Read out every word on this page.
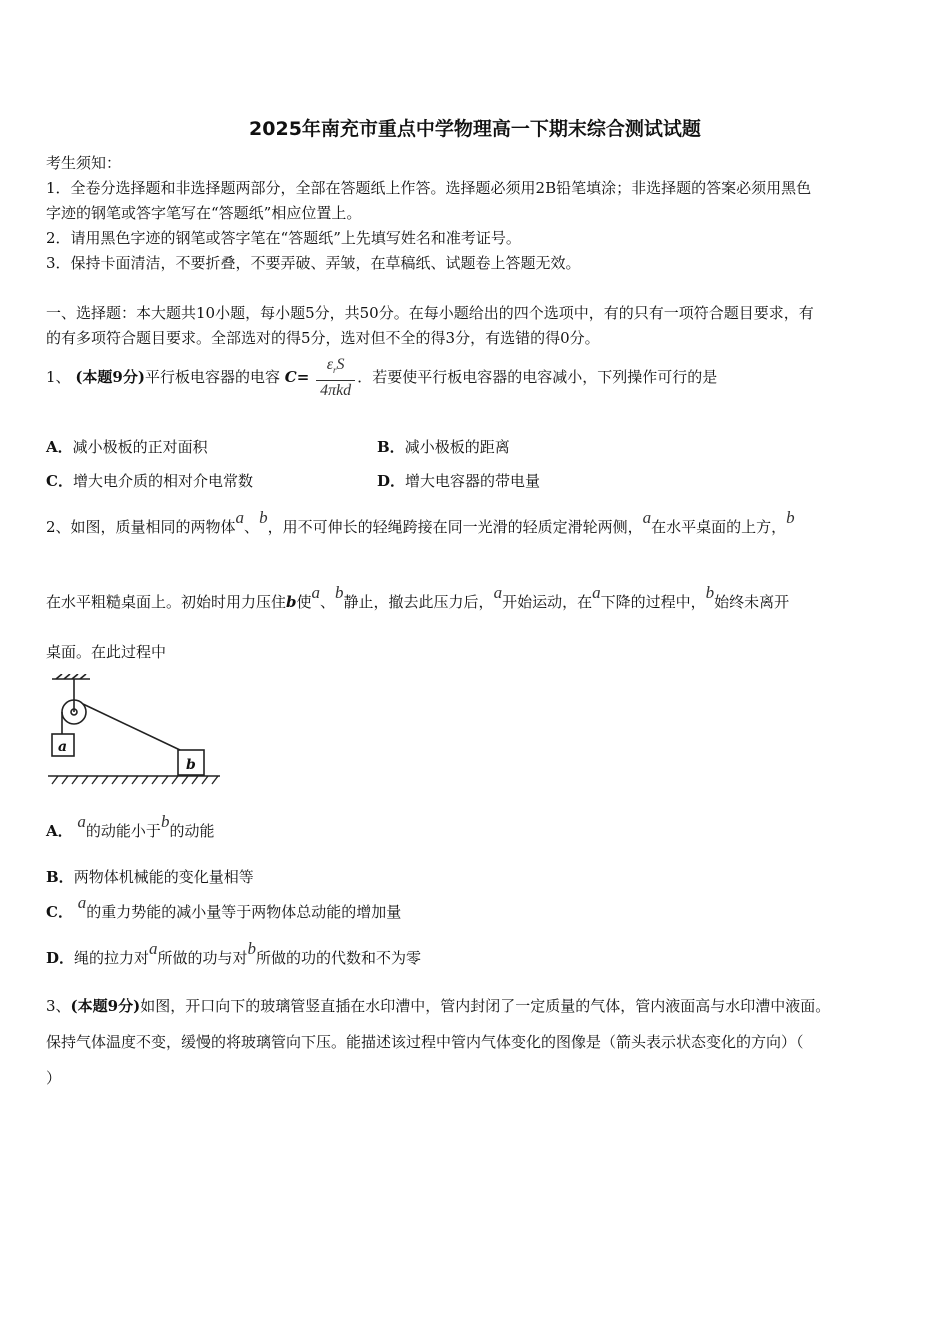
2025年南充市重点中学物理高一下期末综合测试试题
考生须知：
1．全卷分选择题和非选择题两部分，全部在答题纸上作答。选择题必须用2B铅笔填涂；非选择题的答案必须用黑色
字迹的钢笔或答字笔写在“答题纸”相应位置上。
2．请用黑色字迹的钢笔或答字笔在“答题纸”上先填写姓名和准考证号。
3．保持卡面清洁，不要折叠，不要弄破、弄皱，在草稿纸、试题卷上答题无效。
一、选择题：本大题共10小题，每小题5分，共50分。在每小题给出的四个选项中，有的只有一项符合题目要求，有
的有多项符合题目要求。全部选对的得5分，选对但不全的得3分，有选错的得0分。
1、 (本题9分)平行板电容器的电容 $C= \frac{\varepsilon_rS}{\text{4πkd}}$ ．若要使平行板电容器的电容减小，下列操作可行的是
A．减小极板的正对面积	B．减小极板的距离
C．增大电介质的相对介电常数	D．增大电容器的带电量
2、如图，质量相同的两物体a、b，用不可伸长的轻绳跨接在同一光滑的轻质定滑轮两侧，a在水平桌面的上方，b
在水平粗糙桌面上。初始时用力压住b使a、b静止，撤去此压力后，a开始运动，在a下降的过程中，b始终未离开
桌面。在此过程中
a
b
A． a的动能小于b的动能
B．两物体机械能的变化量相等
C． a的重力势能的减小量等于两物体总动能的增加量
D．绳的拉力对a所做的功与对b所做的功的代数和不为零
3、(本题9分)如图，开口向下的玻璃管竖直插在水印漕中，管内封闭了一定质量的气体，管内液面高与水印漕中液面。
保持气体温度不变，缓慢的将玻璃管向下压。能描述该过程中管内气体变化的图像是（箭头表示状态变化的方向）（
）
